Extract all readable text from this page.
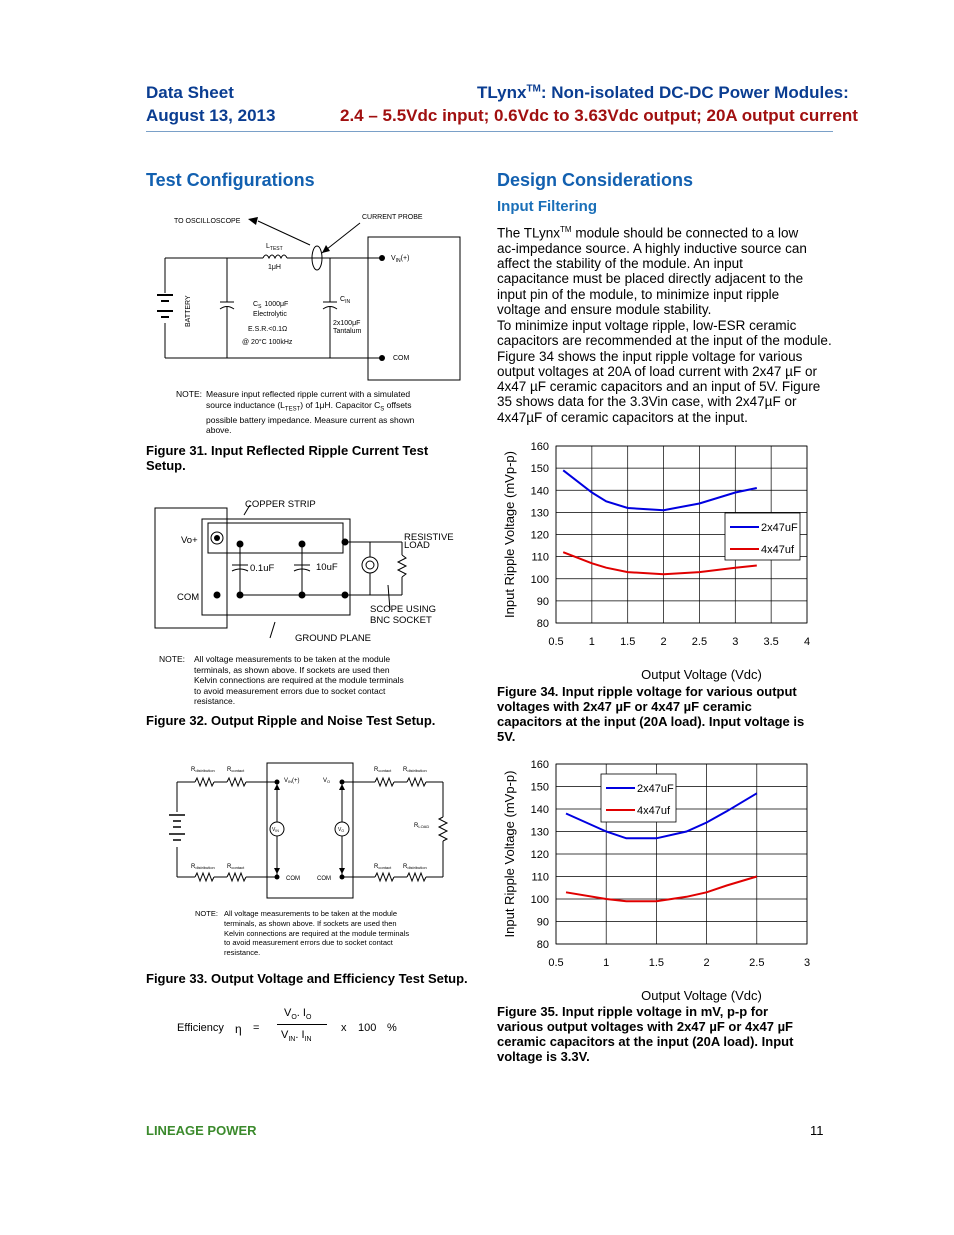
Data Sheet
August 13, 2013
TLynx™: Non-isolated DC-DC Power Modules:
2.4 – 5.5Vdc input; 0.6Vdc to 3.63Vdc output; 20A output current
Test Configurations	Design Considerations
Input Filtering
TO OSCILLOSCOPE
CURRENT PROBE
$L_{TEST}$
1μH
BATTERY	$C_S$ 1000μF
Electrolytic
E.S.R.<0.1Ω
@ 20°C 100kHz
$C_{IN}$
2x100μF
Tantalum
$V_{IN}(+)$
COM
NOTE: Measure input reflected ripple current with a simulated
source inductance $(L_{TEST})$ of 1μH. Capacitor $C_S$ offsets
possible battery impedance. Measure current as shown
above.
Figure 31. Input Reflected Ripple Current Test
Setup.
COPPER STRIP
Vo+
COM
0.1uF	10uF
RESISTIVE
LOAD
SCOPE USING
BNC SOCKET
GROUND PLANE
NOTE: All voltage measurements to be taken at the module
terminals, as shown above. If sockets are used then
Kelvin connections are required at the module terminals
to avoid measurement errors due to socket contact
resistance.
Figure 32. Output Ripple and Noise Test Setup.
Rdistribution Rcontact
Rdistribution Rcontact
Rcontact Rdistribution
Rcontact Rdistribution
VIN(+)	VO
$V_{IN}$	$V_O$
RLOAD
COM	COM
NOTE: All voltage measurements to be taken at the module
terminals, as shown above. If sockets are used then
Kelvin connections are required at the module terminals
to avoid measurement errors due to socket contact
resistance.
Figure 33. Output Voltage and Efficiency Test Setup.
Efficiency η =
$V_O$. $I_O$
$V_{IN}$. $I_{IN}$
x 100 %
The TLynx™ module should be connected to a low
ac-impedance source. A highly inductive source can
affect the stability of the module. An input
capacitance must be placed directly adjacent to the
input pin of the module, to minimize input ripple
voltage and ensure module stability.
To minimize input voltage ripple, low-ESR ceramic
capacitors are recommended at the input of the module.
Figure 34 shows the input ripple voltage for various
output voltages at 20A of load current with 2x47 µF or
4x47 µF ceramic capacitors and an input of 5V. Figure
35 shows data for the 3.3Vin case, with 2x47µF or
4x47µF of ceramic capacitors at the input.
80
90
100
110
120
130
140
150
160
0.5 1 1.5 2 2.5 3 3.5 4
Output Voltage (Vdc)
Input Ripple Voltage (mVp-p)	2x47uF
4x47uf
Figure 34. Input ripple voltage for various output
voltages with 2x47 µF or 4x47 µF ceramic
capacitors at the input (20A load). Input voltage is
5V.
80
90
100
110
120
130
140
150
160
0.5	1	1.5	2	2.5	3
Output Voltage (Vdc)
Input Ripple Voltage (mVp-p)	2x47uF
4x47uf
Figure 35. Input ripple voltage in mV, p-p for
various output voltages with 2x47 µF or 4x47 µF
ceramic capacitors at the input (20A load). Input
voltage is 3.3V.
LINEAGE POWER	11
